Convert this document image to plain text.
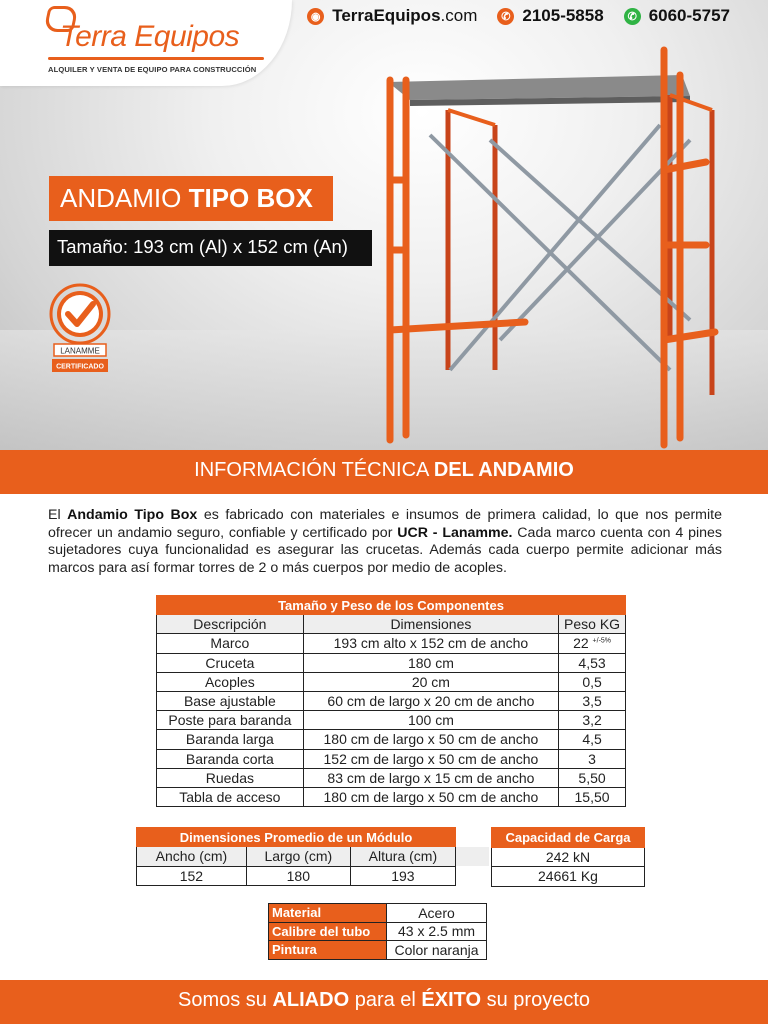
Terra Equipos
ALQUILER Y VENTA DE EQUIPO PARA CONSTRUCCIÓN
◉ TerraEquipos.com	✆ 2105-5858	✆ 6060-5757
ANDAMIO TIPO BOX
Tamaño: 193 cm (Al) x 152 cm (An)
LANAMME
CERTIFICADO
INFORMACIÓN TÉCNICA DEL ANDAMIO

El Andamio Tipo Box es fabricado con materiales e insumos de primera calidad, lo que nos permite ofrecer un andamio seguro, confiable y certificado por UCR - Lanamme. Cada marco cuenta con 4 pines sujetadores cuya funcionalidad es asegurar las crucetas. Además cada cuerpo permite adicionar más marcos para así formar torres de 2 o más cuerpos por medio de acoples.

Tamaño y Peso de los Componentes		
Descripción	Dimensiones	Peso KG
Marco	193 cm alto x 152 cm de ancho	22 $^{+/-5\%}$
Cruceta	180 cm	4,53
Acoples	20 cm	0,5
Base ajustable	60 cm de largo x 20 cm de ancho	3,5
Poste para baranda	100 cm	3,2
Baranda larga	180 cm de largo x 50 cm de ancho	4,5
Baranda corta	152 cm de largo x 50 cm de ancho	3
Ruedas	83 cm de largo x 15 cm de ancho	5,50
Tabla de acceso	180 cm de largo x 50 cm de ancho	15,50
Dimensiones Promedio de un Módulo			
Ancho (cm)	Largo (cm)	Altura (cm)	
152	180	193	
Capacidad de Carga
242 kN
24661 Kg
Material	Acero
Calibre del tubo	43 x 2.5 mm
Pintura	Color naranja
Somos su ALIADO para el ÉXITO su proyecto
